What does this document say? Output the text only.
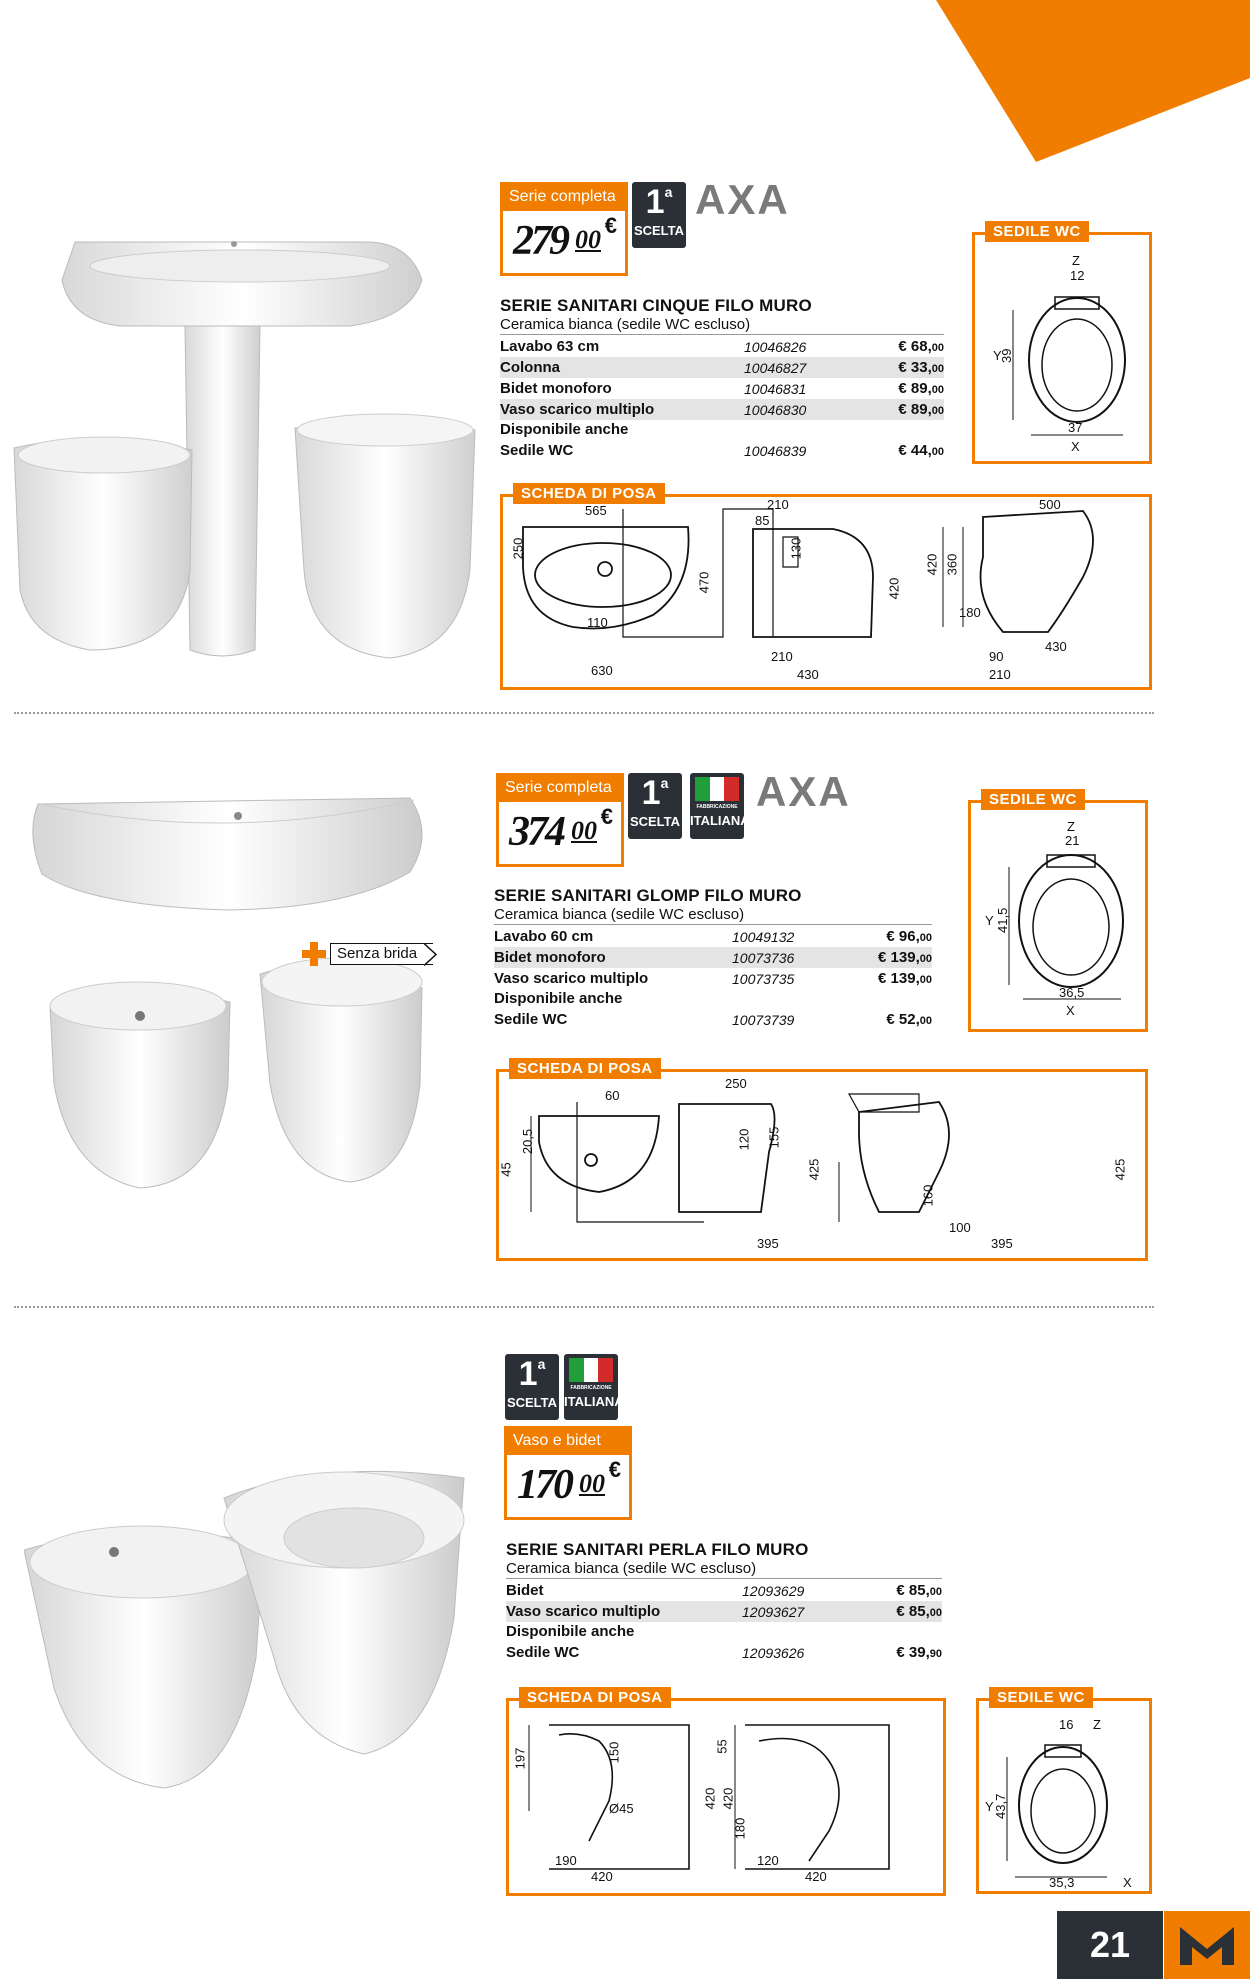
Serie completa
279 00 €
1$^a$
SCELTA
AXA
SERIE SANITARI CINQUE FILO MURO
Ceramica bianca (sedile WC escluso)
Lavabo 63 cm	10046826	€ 68,00
Colonna	10046827	€ 33,00
Bidet monoforo	10046831	€ 89,00
Vaso scarico multiplo	10046830	€ 89,00
Disponibile anche
Sedile WC	10046839	€ 44,00
SEDILE WC
Z
12
Y
39
37
X
SCHEDA DI POSA
565
250
470
110
630
210
85
130
420
210
430
500
420 360
180
90
210
430
Senza brida
Serie completa
374 00 €
1$^a$
SCELTA
FABBRICAZIONE
ITALIANA
AXA
SERIE SANITARI GLOMP FILO MURO
Ceramica bianca (sedile WC escluso)
Lavabo 60 cm	10049132	€ 96,00
Bidet monoforo	10073736	€ 139,00
Vaso scarico multiplo	10073735	€ 139,00
Disponibile anche
Sedile WC	10073739	€ 52,00
SEDILE WC
Z
21
Y 41,5
36,5
X
SCHEDA DI POSA
60
45
20,5
250
120 155
425
395
160
100
395
425
1$^a$
SCELTA
FABBRICAZIONE
ITALIANA
Vaso e bidet
170 00 €
SERIE SANITARI PERLA FILO MURO
Ceramica bianca (sedile WC escluso)
Bidet	12093629	€ 85,00
Vaso scarico multiplo	12093627	€ 85,00
Disponibile anche
Sedile WC	12093626	€ 39,90
SCHEDA DI POSA
197	150
Ø45	420
190
420
55
180
420
120
420
SEDILE WC
16 Z
Y 43,7
35,3	X
21
